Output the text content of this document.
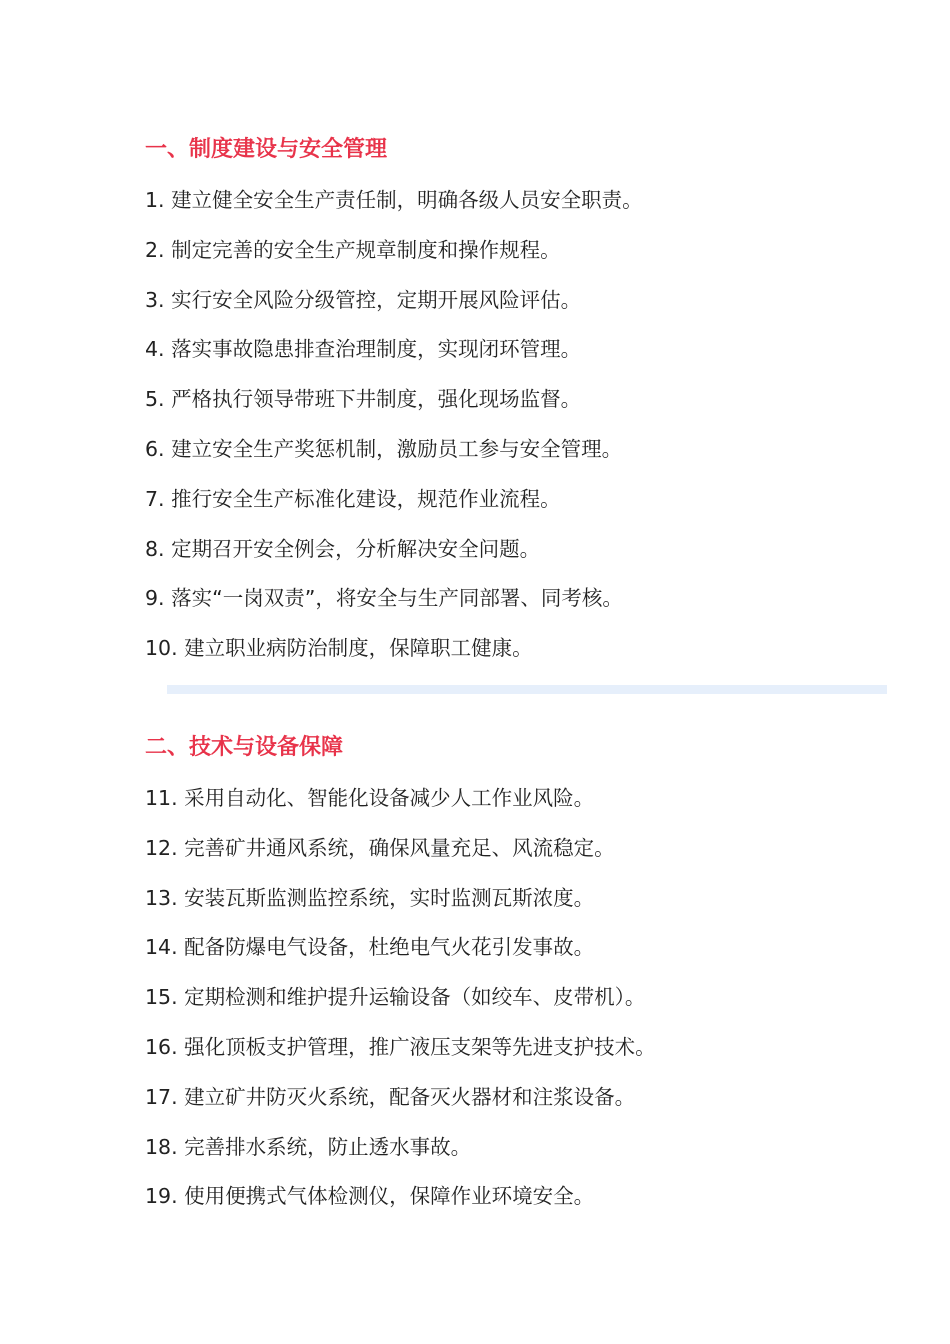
一、制度建设与安全管理
1. 建立健全安全生产责任制，明确各级人员安全职责。
2. 制定完善的安全生产规章制度和操作规程。
3. 实行安全风险分级管控，定期开展风险评估。
4. 落实事故隐患排查治理制度，实现闭环管理。
5. 严格执行领导带班下井制度，强化现场监督。
6. 建立安全生产奖惩机制，激励员工参与安全管理。
7. 推行安全生产标准化建设，规范作业流程。
8. 定期召开安全例会，分析解决安全问题。
9. 落实“一岗双责”，将安全与生产同部署、同考核。
10. 建立职业病防治制度，保障职工健康。
二、技术与设备保障
11. 采用自动化、智能化设备减少人工作业风险。
12. 完善矿井通风系统，确保风量充足、风流稳定。
13. 安装瓦斯监测监控系统，实时监测瓦斯浓度。
14. 配备防爆电气设备，杜绝电气火花引发事故。
15. 定期检测和维护提升运输设备（如绞车、皮带机）。
16. 强化顶板支护管理，推广液压支架等先进支护技术。
17. 建立矿井防灭火系统，配备灭火器材和注浆设备。
18. 完善排水系统，防止透水事故。
19. 使用便携式气体检测仪，保障作业环境安全。
